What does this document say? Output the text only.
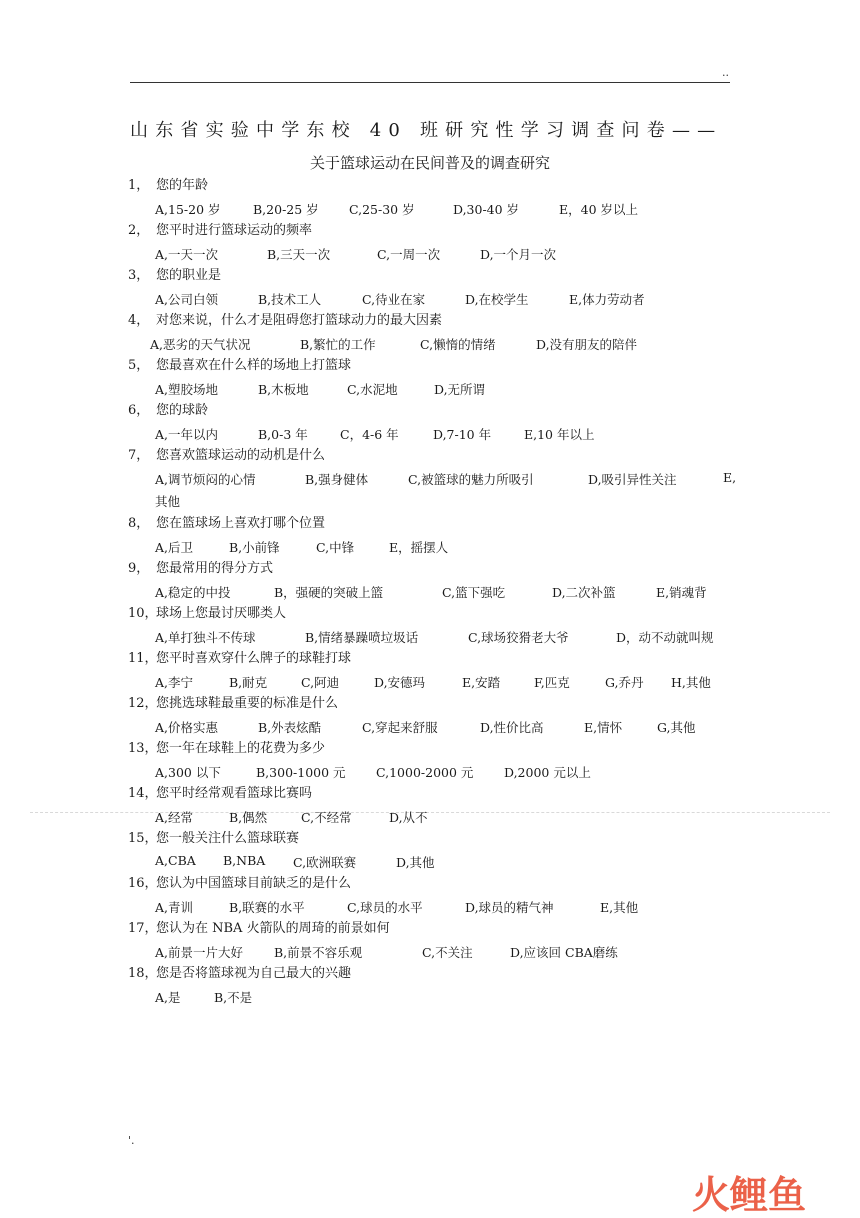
..
山东省实验中学东校 40 班研究性学习调查问卷——
关于篮球运动在民间普及的调查研究
1， 您的年龄
A,15-20 岁	B,20-25 岁 C,25-30 岁	D,30-40 岁	E，40 岁以上
2， 您平时进行篮球运动的频率
A,一天一次	B,三天一次	C,一周一次	D,一个月一次
3， 您的职业是
A,公司白领	B,技术工人	C,待业在家	D,在校学生	E,体力劳动者
4， 对您来说，什么才是阻碍您打篮球动力的最大因素
A,恶劣的天气状况	B,繁忙的工作	C,懒惰的情绪	D,没有朋友的陪伴
5， 您最喜欢在什么样的场地上打篮球
A,塑胶场地	B,木板地	C,水泥地	D,无所谓
6， 您的球龄
A,一年以内	B,0-3 年	C，4-6 年	D,7-10 年	E,10 年以上
7， 您喜欢篮球运动的动机是什么
A,调节烦闷的心情	B,强身健体	C,被篮球的魅力所吸引	D,吸引异性关注	E,
其他
8， 您在篮球场上喜欢打哪个位置
A,后卫	B,小前锋	C,中锋	E，摇摆人
9， 您最常用的得分方式
A,稳定的中投	B，强硬的突破上篮	C,篮下强吃	D,二次补篮	E,销魂背
10，球场上您最讨厌哪类人
A,单打独斗不传球	B,情绪暴躁喷垃圾话	C,球场狡猾老大爷	D，动不动就叫规
11，您平时喜欢穿什么牌子的球鞋打球
A,李宁	B,耐克	C,阿迪	D,安德玛	E,安踏	F,匹克	G,乔丹 H,其他
12，您挑选球鞋最重要的标准是什么
A,价格实惠	B,外表炫酷	C,穿起来舒服	D,性价比高	E,情怀	G,其他
13，您一年在球鞋上的花费为多少
A,300 以下	B,300-1000 元 C,1000-2000 元 D,2000 元以上
14，您平时经常观看篮球比赛吗
A,经常	B,偶然	C,不经常	D,从不
15，您一般关注什么篮球联赛
A,CBA B,NBA C,欧洲联赛	D,其他
16，您认为中国篮球目前缺乏的是什么
A,青训	B,联赛的水平	C,球员的水平	D,球员的精气神	E,其他
17，您认为在 NBA 火箭队的周琦的前景如何
A,前景一片大好 B,前景不容乐观	C,不关注	D,应该回 CBA磨练
18，您是否将篮球视为自己最大的兴趣
A,是	B,不是
'.
火鲤鱼
